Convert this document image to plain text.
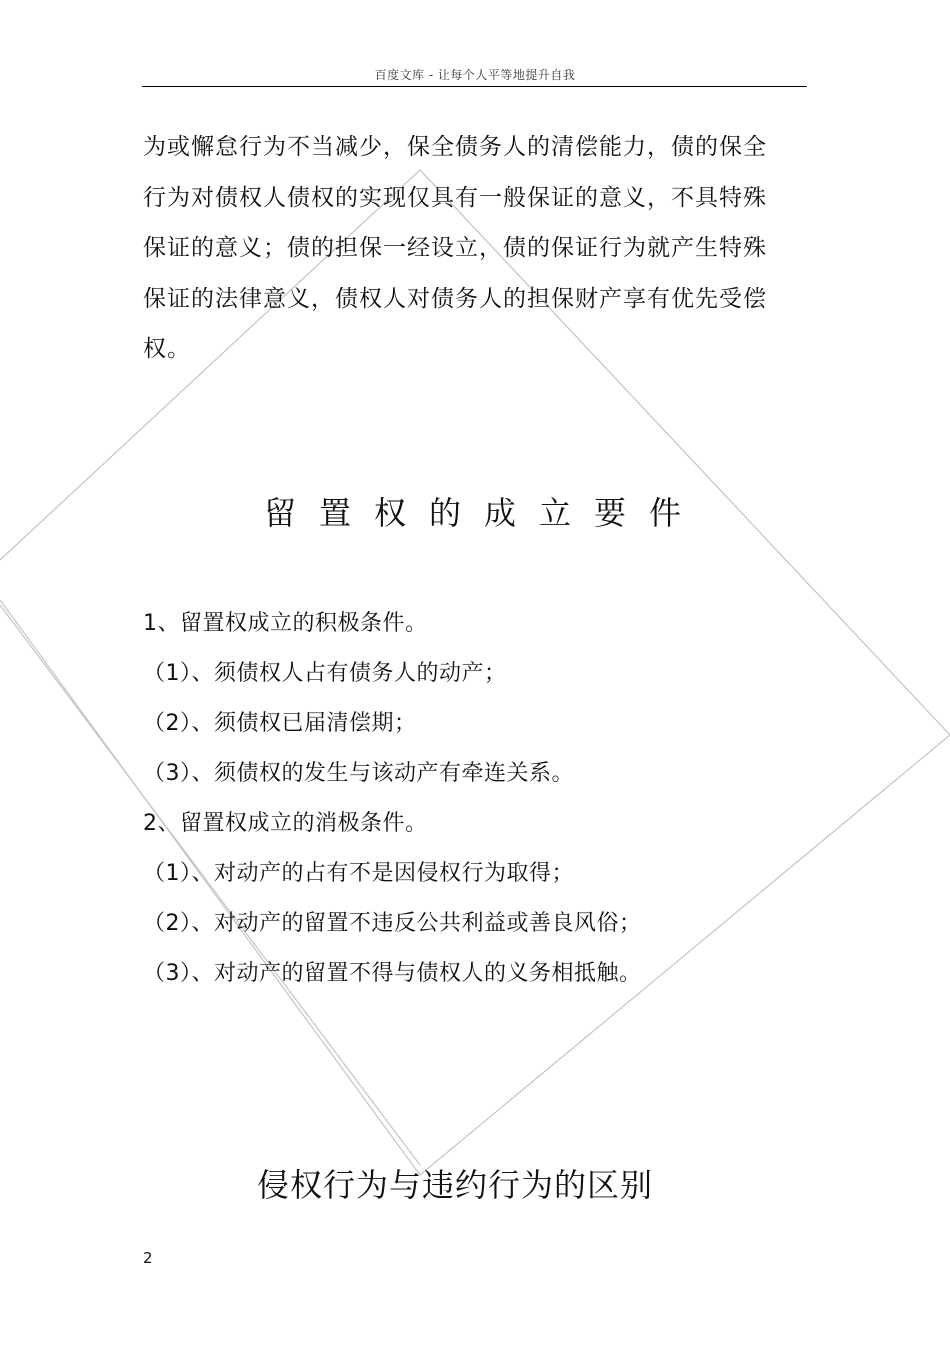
百度文库 - 让每个人平等地提升自我
为或懈怠行为不当减少，保全债务人的清偿能力，债的保全
行为对债权人债权的实现仅具有一般保证的意义，不具特殊
保证的意义；债的担保一经设立，债的保证行为就产生特殊
保证的法律意义，债权人对债务人的担保财产享有优先受偿
权。
留置权的成立要件
1、留置权成立的积极条件。
（1）、须债权人占有债务人的动产；
（2）、须债权已届清偿期；
（3）、须债权的发生与该动产有牵连关系。
2、留置权成立的消极条件。
（1）、对动产的占有不是因侵权行为取得；
（2）、对动产的留置不违反公共利益或善良风俗；
（3）、对动产的留置不得与债权人的义务相抵触。
侵权行为与违约行为的区别
2
